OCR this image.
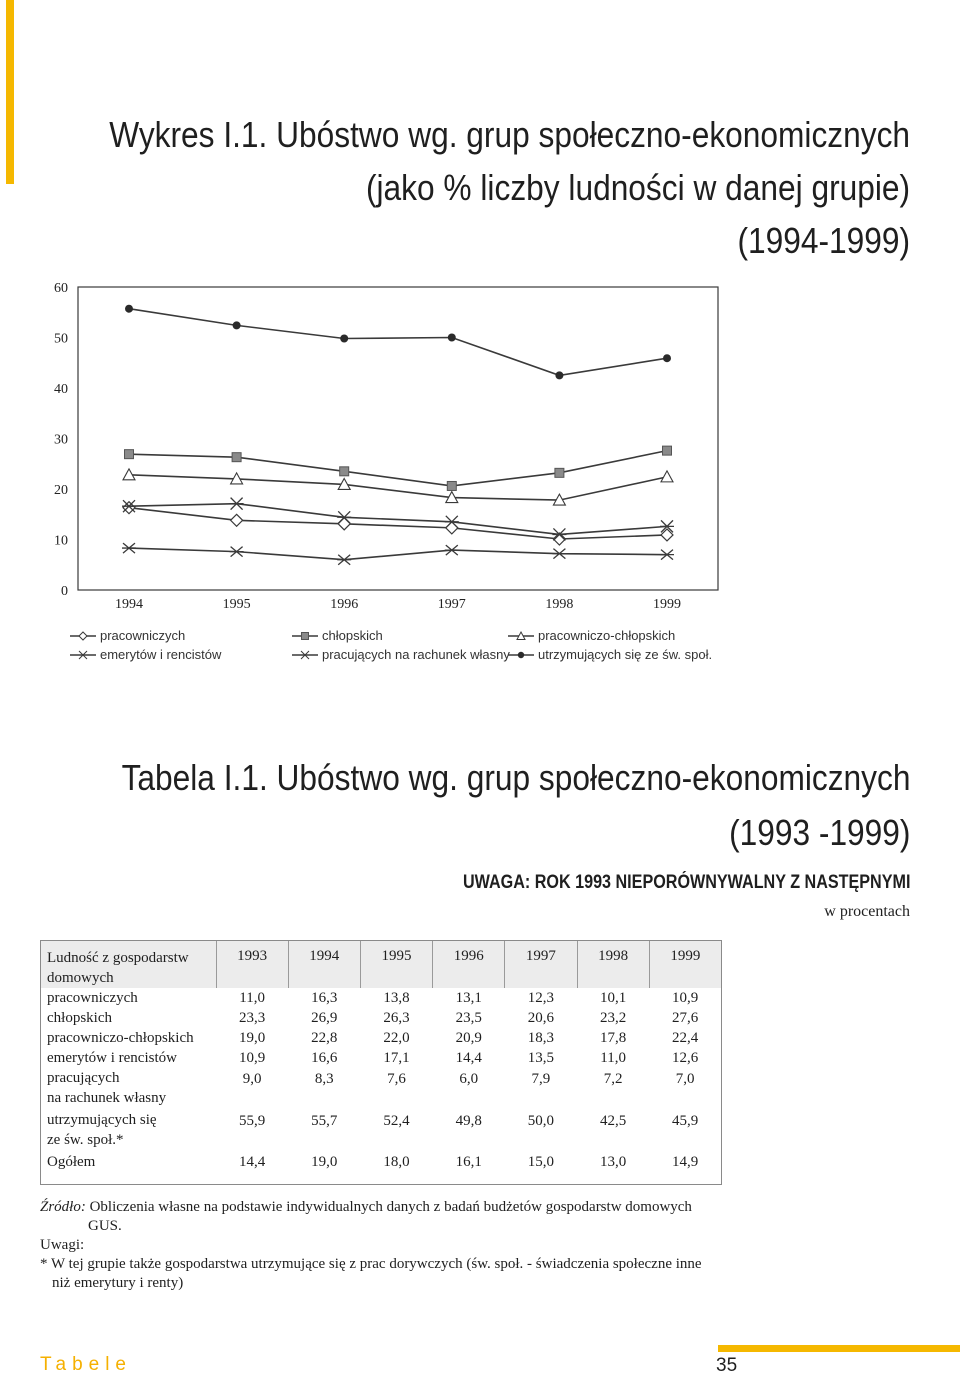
Wykres I.1. Ubóstwo wg. grup społeczno-ekonomicznych
(jako % liczby ludności w danej grupie)
(1994-1999)
0
10
20
30
40
50
60
1994	1995	1996	1997	1998	1999
pracowniczych	chłopskich	pracowniczo-chłopskich
emerytów i rencistów	pracujących na rachunek własny utrzymujących się ze św. społ.
Tabela I.1. Ubóstwo wg. grup społeczno-ekonomicznych
(1993 -1999)
UWAGA: ROK 1993 NIEPORÓWNYWALNY Z NASTĘPNYMI
w procentach
Ludność z gospodarstw
domowych	1993	1994	1995	1996	1997	1998	1999

pracowniczych	11,0	16,3	13,8	13,1	12,3	10,1	10,9

chłopskich	23,3	26,9	26,3	23,5	20,6	23,2	27,6

pracowniczo-chłopskich	19,0	22,8	22,0	20,9	18,3	17,8	22,4

emerytów i rencistów	10,9	16,6	17,1	14,4	13,5	11,0	12,6

pracujących
na rachunek własny	9,0	8,3	7,6	6,0	7,9	7,2	7,0

utrzymujących się
ze św. społ.*	55,9	55,7	52,4	49,8	50,0	42,5	45,9

Ogółem	14,4	19,0	18,0	16,1	15,0	13,0	14,9
Źródło: Obliczenia własne na podstawie indywidualnych danych z badań budżetów gospodarstw domowych
GUS.
Uwagi:
* W tej grupie także gospodarstwa utrzymujące się z prac dorywczych (św. społ. - świadczenia społeczne inne
niż emerytury i renty)
Tabele	35
